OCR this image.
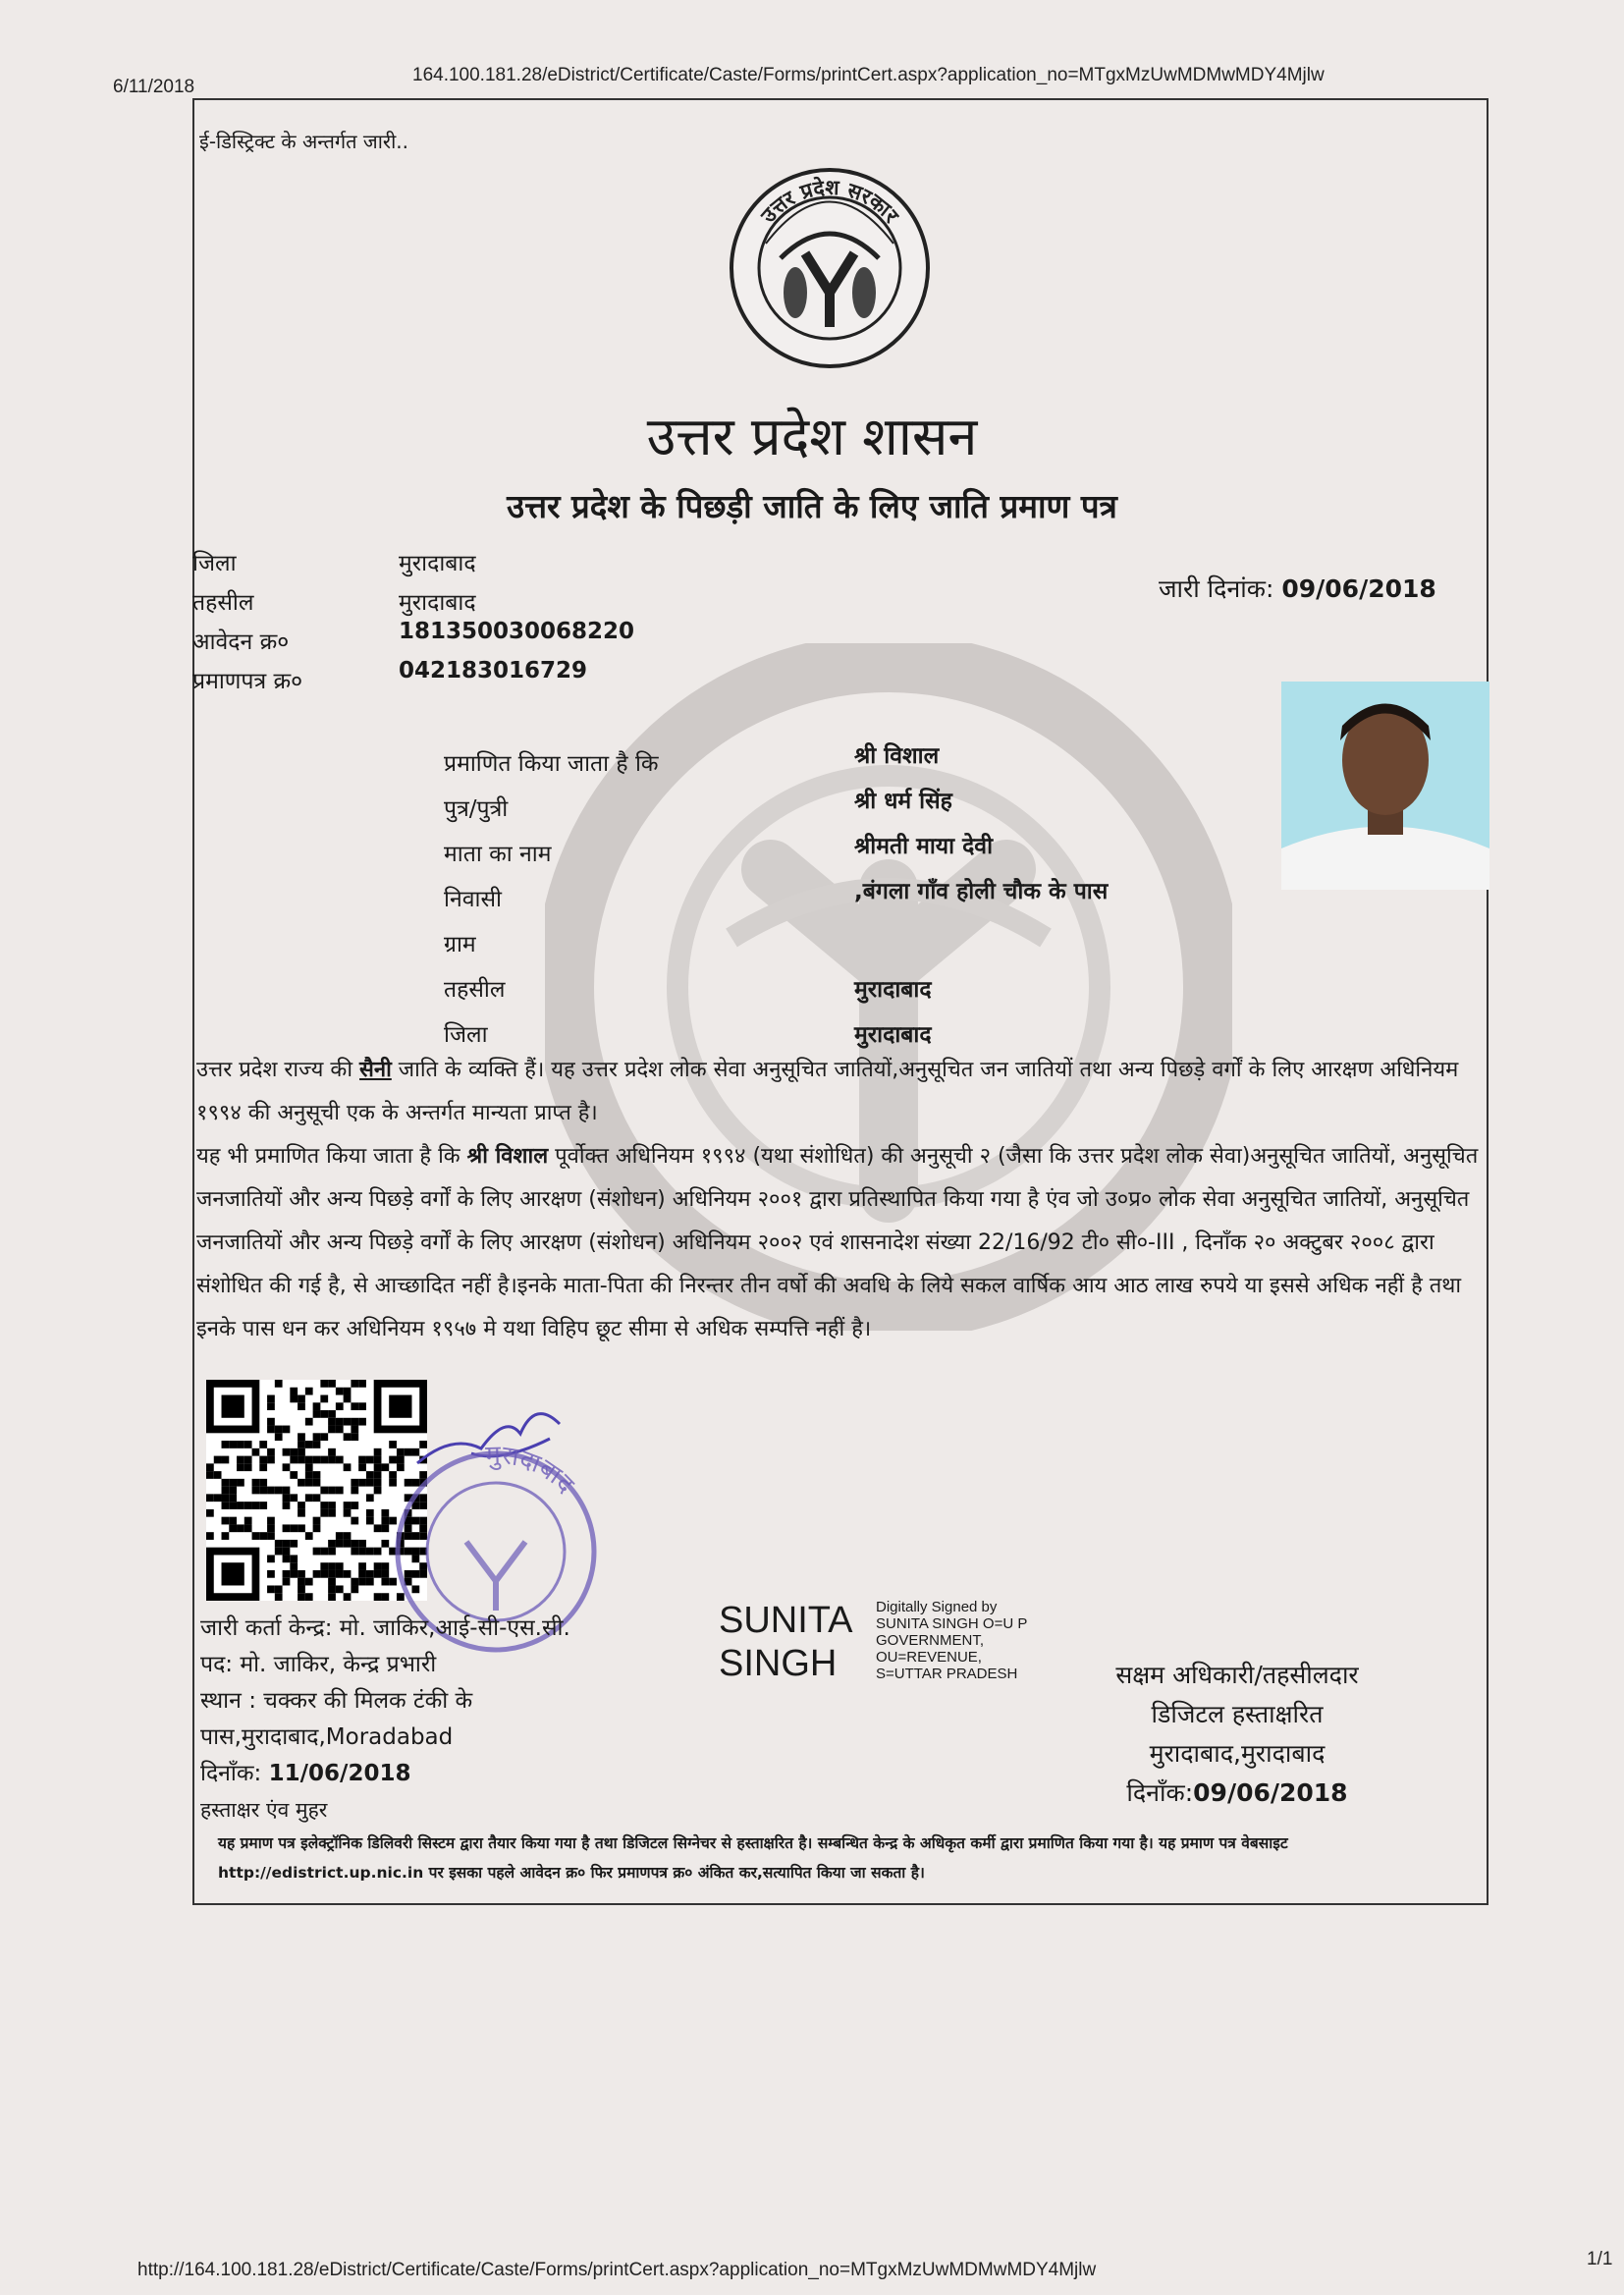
6/11/2018
164.100.181.28/eDistrict/Certificate/Caste/Forms/printCert.aspx?application_no=MTgxMzUwMDMwMDY4Mjlw
ई-डिस्ट्रिक्ट के अन्तर्गत जारी..
उत्तर प्रदेश सरकार
उत्तर प्रदेश शासन
उत्तर प्रदेश के पिछड़ी जाति के लिए जाति प्रमाण पत्र
जिला	मुरादाबाद
तहसील	मुरादाबाद
आवेदन क्र०	181350030068220
प्रमाणपत्र क्र०	042183016729
जारी दिनांक: 09/06/2018
प्रमाणित किया जाता है कि	श्री विशाल
पुत्र/पुत्री	श्री धर्म सिंह
माता का नाम	श्रीमती माया देवी
निवासी	,बंगला गाँव होली चौक के पास
ग्राम
तहसील	मुरादाबाद
जिला	मुरादाबाद
उत्तर प्रदेश राज्य की सैनी जाति के व्यक्ति हैं। यह उत्तर प्रदेश लोक सेवा अनुसूचित जातियों,अनुसूचित जन जातियों तथा अन्य पिछड़े वर्गों के लिए आरक्षण अधिनियम १९९४ की अनुसूची एक के अन्तर्गत मान्यता प्राप्त है।
यह भी प्रमाणित किया जाता है कि श्री विशाल पूर्वोक्त अधिनियम १९९४ (यथा संशोधित) की अनुसूची २ (जैसा कि उत्तर प्रदेश लोक सेवा)अनुसूचित जातियों, अनुसूचित जनजातियों और अन्य पिछड़े वर्गों के लिए आरक्षण (संशोधन) अधिनियम २००१ द्वारा प्रतिस्थापित किया गया है एंव जो उ०प्र० लोक सेवा अनुसूचित जातियों, अनुसूचित जनजातियों और अन्य पिछड़े वर्गों के लिए आरक्षण (संशोधन) अधिनियम २००२ एवं शासनादेश संख्या 22/16/92 टी० सी०-III , दिनाँक २० अक्टुबर २००८ द्वारा संशोधित की गई है, से आच्छादित नहीं है।इनके माता-पिता की निरन्तर तीन वर्षो की अवधि के लिये सकल वार्षिक आय आठ लाख रुपये या इससे अधिक नहीं है तथा इनके पास धन कर अधिनियम १९५७ मे यथा विहिप छूट सीमा से अधिक सम्पत्ति नहीं है।
मुरादाबाद
जारी कर्ता केन्द्र: मो. जाकिर,आई-सी-एस.सी.
पद: मो. जाकिर, केन्द्र प्रभारी
स्थान : चक्कर की मिलक टंकी के
पास,मुरादाबाद,Moradabad
दिनाँक: 11/06/2018
हस्ताक्षर एंव मुहर
SUNITA
SINGH
Digitally Signed by
SUNITA SINGH O=U P
GOVERNMENT,
OU=REVENUE,
S=UTTAR PRADESH	सक्षम अधिकारी/तहसीलदार
डिजिटल हस्ताक्षरित
मुरादाबाद,मुरादाबाद
दिनाँक:09/06/2018
यह प्रमाण पत्र इलेक्ट्रॉनिक डिलिवरी सिस्टम द्वारा तैयार किया गया है तथा डिजिटल सिग्नेचर से हस्ताक्षरित है। सम्बन्धित केन्द्र के अधिकृत कर्मी द्वारा प्रमाणित किया गया है। यह प्रमाण पत्र वेबसाइट http://edistrict.up.nic.in पर इसका पहले आवेदन क्र० फिर प्रमाणपत्र क्र० अंकित कर,सत्यापित किया जा सकता है।
http://164.100.181.28/eDistrict/Certificate/Caste/Forms/printCert.aspx?application_no=MTgxMzUwMDMwMDY4Mjlw
1/1
